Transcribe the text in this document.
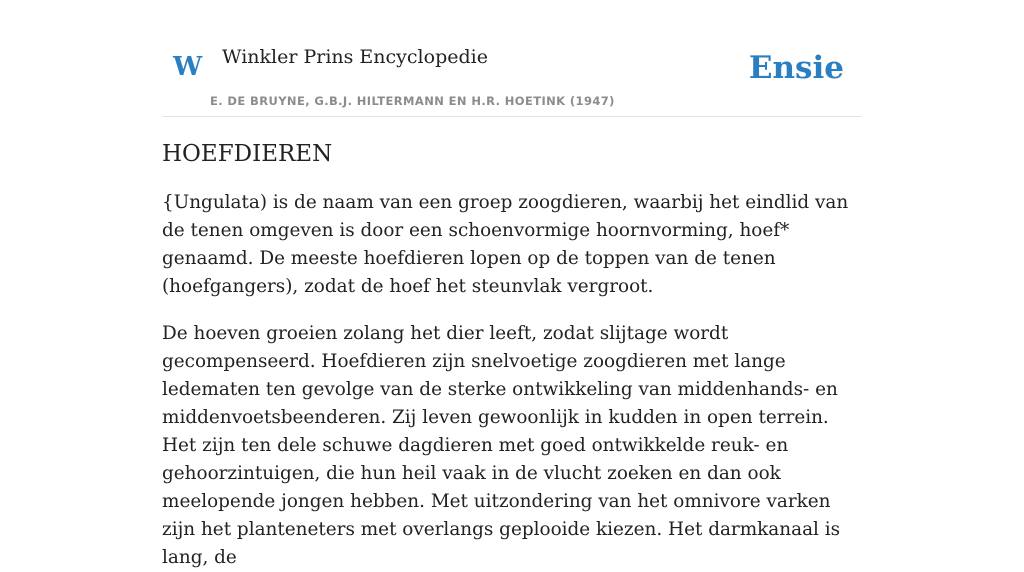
W Winkler Prins Encyclopedie
E. DE BRUYNE, G.B.J. HILTERMANN EN H.R. HOETINK (1947)
Ensie
HOEFDIEREN

{Ungulata) is de naam van een groep zoogdieren, waarbij het eindlid van de tenen omgeven is door een schoenvormige hoornvorming, hoef* genaamd. De meeste hoefdieren lopen op de toppen van de tenen (hoefgangers), zodat de hoef het steunvlak vergroot.

De hoeven groeien zolang het dier leeft, zodat slijtage wordt gecompenseerd. Hoefdieren zijn snelvoetige zoogdieren met lange ledematen ten gevolge van de sterke ontwikkeling van middenhands- en middenvoetsbeenderen. Zij leven gewoonlijk in kudden in open terrein. Het zijn ten dele schuwe dagdieren met goed ontwikkelde reuk- en gehoorzintuigen, die hun heil vaak in de vlucht zoeken en dan ook meelopende jongen hebben. Met uitzondering van het omnivore varken zijn het planteneters met overlangs geplooide kiezen. Het darmkanaal is lang, de
